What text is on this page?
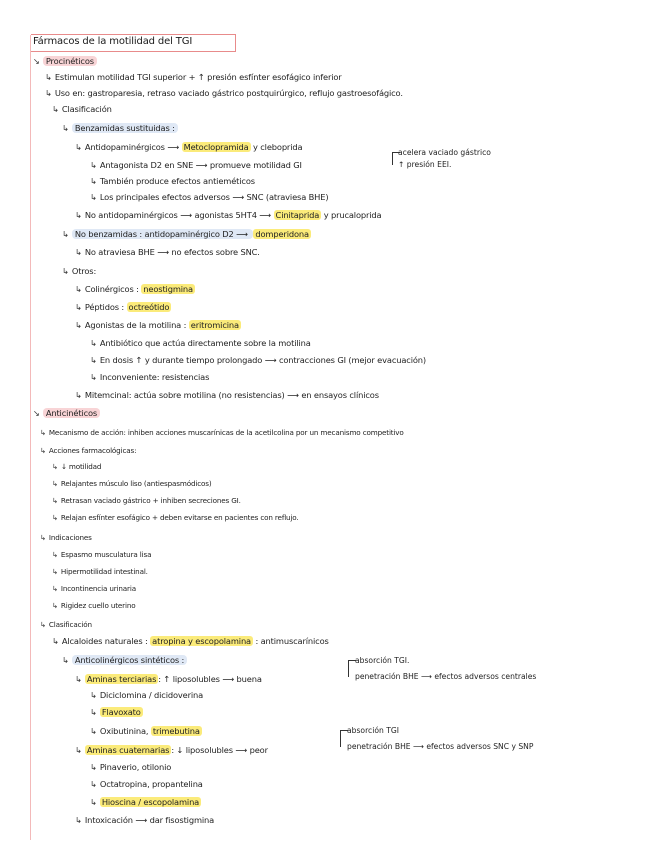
Fármacos de la motilidad del TGI
↘ Procinéticos
↳ Estimulan motilidad TGI superior + ↑ presión esfínter esofágico inferior
↳ Uso en: gastroparesia, retraso vaciado gástrico postquirúrgico, reflujo gastroesofágico.
↳ Clasificación
↳ Benzamidas sustituidas :
↳ Antidopaminérgicos ⟶ Metoclopramida y cleboprida
↳ Antagonista D2 en SNE ⟶ promueve motilidad GI
↳ También produce efectos antieméticos
↳ Los principales efectos adversos ⟶ SNC (atraviesa BHE)
↳ No antidopaminérgicos ⟶ agonistas 5HT4 ⟶ Cinitaprida y prucaloprida
↳ No benzamidas : antidopaminérgico D2 ⟶ domperidona
↳ No atraviesa BHE ⟶ no efectos sobre SNC.
↳ Otros:
↳ Colinérgicos : neostigmina
↳ Péptidos : octreótido
↳ Agonistas de la motilina : eritromicina
↳ Antibiótico que actúa directamente sobre la motilina
↳ En dosis ↑ y durante tiempo prolongado ⟶ contracciones GI (mejor evacuación)
↳ Inconveniente: resistencias
↳ Mitemcinal: actúa sobre motilina (no resistencias) ⟶ en ensayos clínicos
↘ Anticinéticos
↳ Mecanismo de acción: inhiben acciones muscarínicas de la acetilcolina por un mecanismo competitivo
↳ Acciones farmacológicas:
↳ ↓ motilidad
↳ Relajantes músculo liso (antiespasmódicos)
↳ Retrasan vaciado gástrico + inhiben secreciones GI.
↳ Relajan esfínter esofágico + deben evitarse en pacientes con reflujo.
↳ Indicaciones
↳ Espasmo musculatura lisa
↳ Hipermotilidad intestinal.
↳ Incontinencia urinaria
↳ Rigidez cuello uterino
↳ Clasificación
↳ Alcaloides naturales : atropina y escopolamina : antimuscarínicos
↳ Anticolinérgicos sintéticos :
↳ Aminas terciarias : ↑ liposolubles ⟶ buena
↳ Diciclomina / dicidoverina
↳ Flavoxato
↳ Oxibutinina, trimebutina
↳ Aminas cuaternarias : ↓ liposolubles ⟶ peor
↳ Pinaverio, otilonio
↳ Octatropina, propantelina
↳ Hioscina / escopolamina
↳ Intoxicación ⟶ dar fisostigmina
acelera vaciado gástrico
↑ presión EEI.
absorción TGI.
penetración BHE ⟶ efectos adversos centrales
absorción TGI
penetración BHE ⟶ efectos adversos SNC y SNP
